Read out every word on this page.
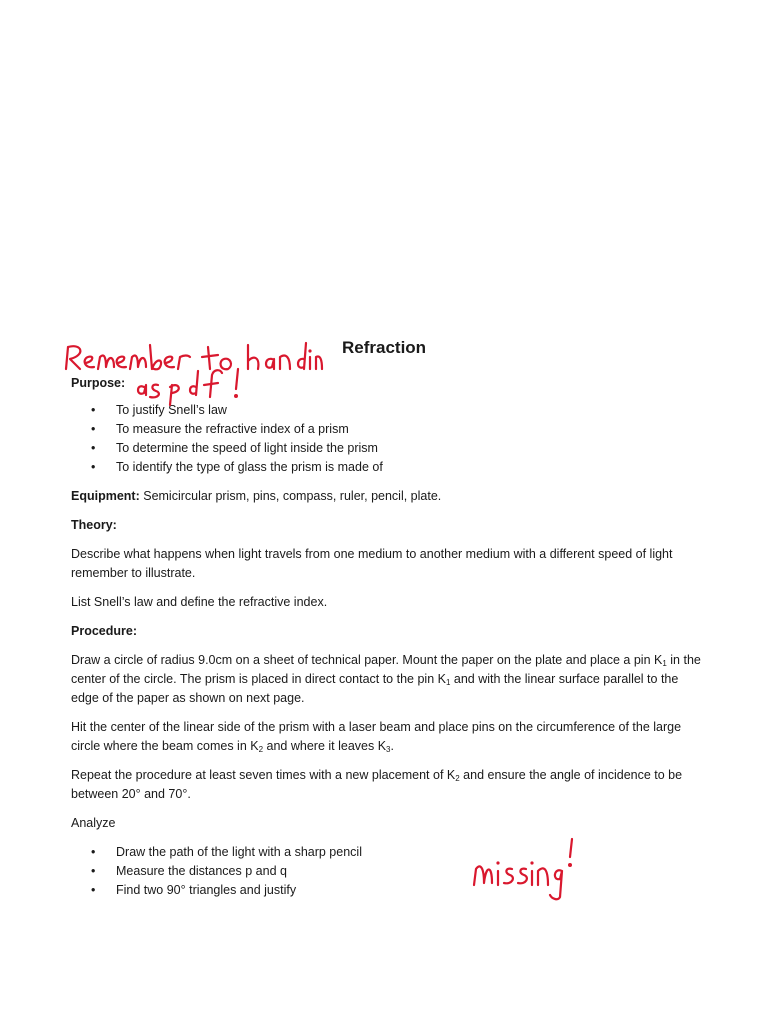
Refraction

Purpose:

• To justify Snell’s law
• To measure the refractive index of a prism
• To determine the speed of light inside the prism
• To identify the type of glass the prism is made of

Equipment: Semicircular prism, pins, compass, ruler, pencil, plate.

Theory:

Describe what happens when light travels from one medium to another medium with a different speed of light remember to illustrate.

List Snell’s law and define the refractive index.

Procedure:

Draw a circle of radius 9.0cm on a sheet of technical paper. Mount the paper on the plate and place a pin $K_1$ in the center of the circle. The prism is placed in direct contact to the pin $K_1$ and with the linear surface parallel to the edge of the paper as shown on next page.

Hit the center of the linear side of the prism with a laser beam and place pins on the circumference of the large circle where the beam comes in $K_2$ and where it leaves $K_3$.

Repeat the procedure at least seven times with a new placement of $K_2$ and ensure the angle of incidence to be between 20° and 70°.

Analyze

• Draw the path of the light with a sharp pencil
• Measure the distances p and q
• Find two 90° triangles and justify
